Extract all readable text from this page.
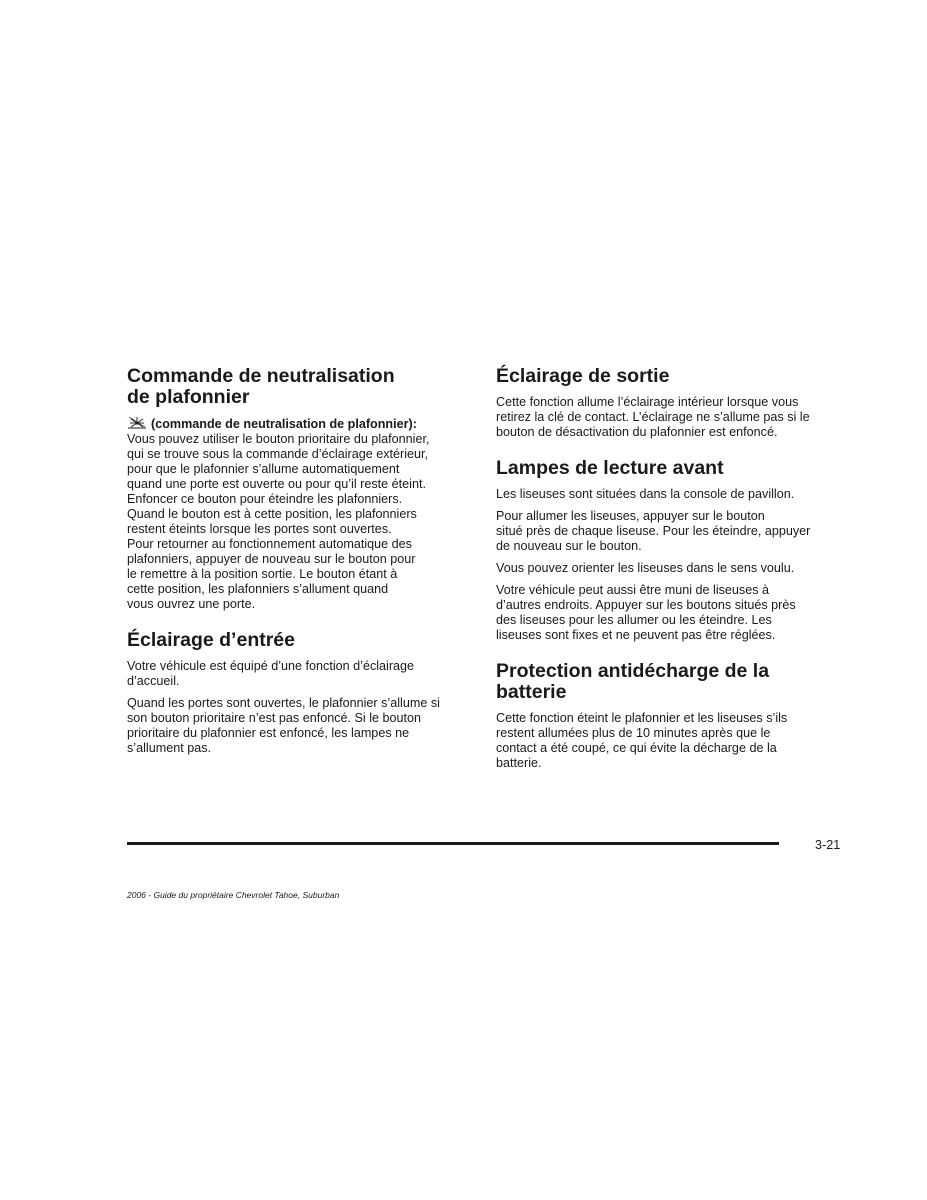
Commande de neutralisation
de plafonnier

(commande de neutralisation de plafonnier):

Vous pouvez utiliser le bouton prioritaire du plafonnier,
qui se trouve sous la commande d’éclairage extérieur,
pour que le plafonnier s’allume automatiquement
quand une porte est ouverte ou pour qu’il reste éteint.
Enfoncer ce bouton pour éteindre les plafonniers.
Quand le bouton est à cette position, les plafonniers
restent éteints lorsque les portes sont ouvertes.
Pour retourner au fonctionnement automatique des
plafonniers, appuyer de nouveau sur le bouton pour
le remettre à la position sortie. Le bouton étant à
cette position, les plafonniers s’allument quand
vous ouvrez une porte.

Éclairage d’entrée

Votre véhicule est équipé d’une fonction d’éclairage
d’accueil.

Quand les portes sont ouvertes, le plafonnier s’allume si
son bouton prioritaire n’est pas enfoncé. Si le bouton
prioritaire du plafonnier est enfoncé, les lampes ne
s’allument pas.

Éclairage de sortie

Cette fonction allume l’éclairage intérieur lorsque vous
retirez la clé de contact. L’éclairage ne s’allume pas si le
bouton de désactivation du plafonnier est enfoncé.

Lampes de lecture avant

Les liseuses sont situées dans la console de pavillon.

Pour allumer les liseuses, appuyer sur le bouton
situé près de chaque liseuse. Pour les éteindre, appuyer
de nouveau sur le bouton.

Vous pouvez orienter les liseuses dans le sens voulu.

Votre véhicule peut aussi être muni de liseuses à
d’autres endroits. Appuyer sur les boutons situés près
des liseuses pour les allumer ou les éteindre. Les
liseuses sont fixes et ne peuvent pas être réglées.

Protection antidécharge de la
batterie

Cette fonction éteint le plafonnier et les liseuses s’ils
restent allumées plus de 10 minutes après que le
contact a été coupé, ce qui évite la décharge de la
batterie.

3-21
2006 - Guide du propriétaire Chevrolet Tahoe, Suburban
